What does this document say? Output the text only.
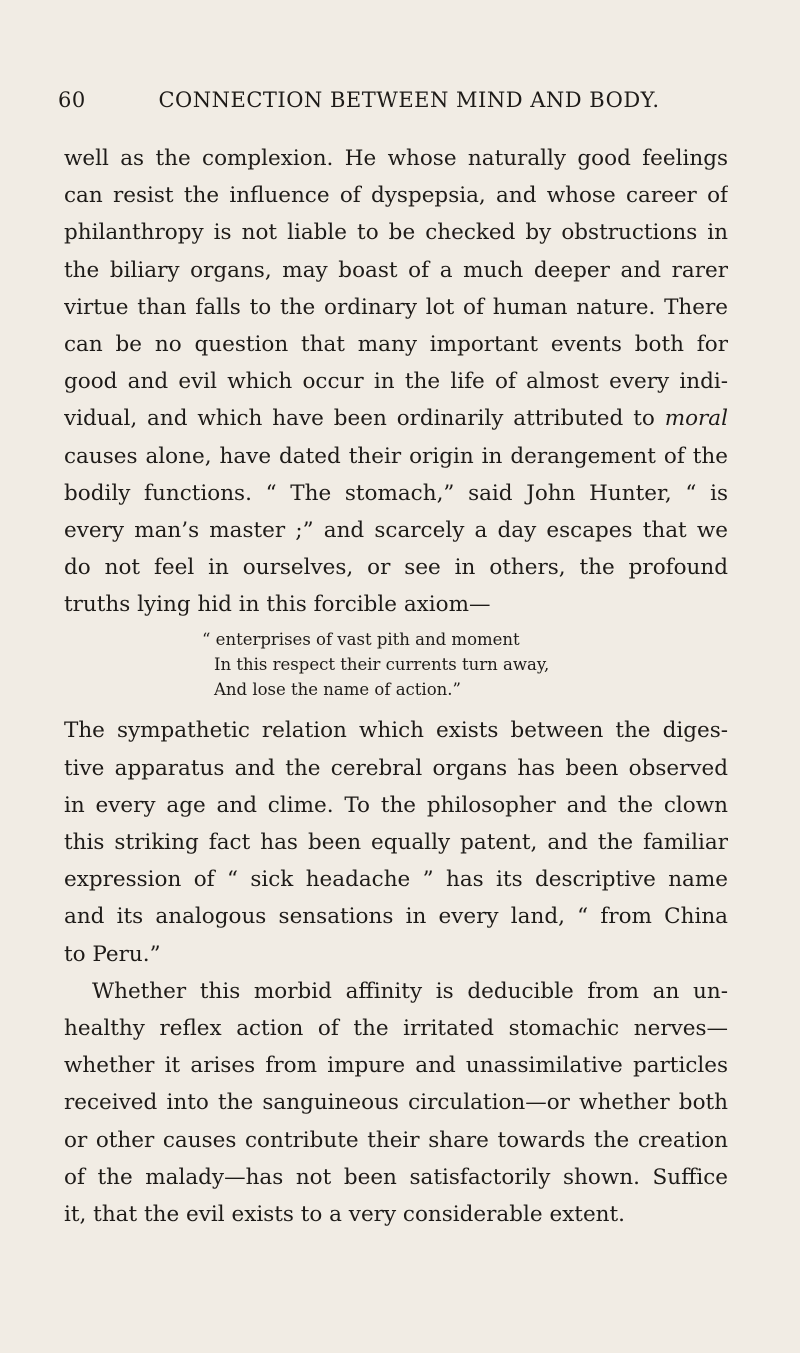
60	CONNECTION BETWEEN MIND AND BODY.
well as the complexion. He whose naturally good feelings
can resist the influence of dyspepsia, and whose career of
philanthropy is not liable to be checked by obstructions in
the biliary organs, may boast of a much deeper and rarer
virtue than falls to the ordinary lot of human nature. There
can be no question that many important events both for
good and evil which occur in the life of almost every indi-
vidual, and which have been ordinarily attributed to moral
causes alone, have dated their origin in derangement of the
bodily functions. “ The stomach,” said John Hunter, “ is
every man’s master ;” and scarcely a day escapes that we
do not feel in ourselves, or see in others, the profound
truths lying hid in this forcible axiom—
“ enterprises of vast pith and moment
In this respect their currents turn away,
And lose the name of action.”
The sympathetic relation which exists between the diges-
tive apparatus and the cerebral organs has been observed
in every age and clime. To the philosopher and the clown
this striking fact has been equally patent, and the familiar
expression of “ sick headache ” has its descriptive name
and its analogous sensations in every land, “ from China
to Peru.”
Whether this morbid affinity is deducible from an un-
healthy reflex action of the irritated stomachic nerves—
whether it arises from impure and unassimilative particles
received into the sanguineous circulation—or whether both
or other causes contribute their share towards the creation
of the malady—has not been satisfactorily shown. Suffice
it, that the evil exists to a very considerable extent.
